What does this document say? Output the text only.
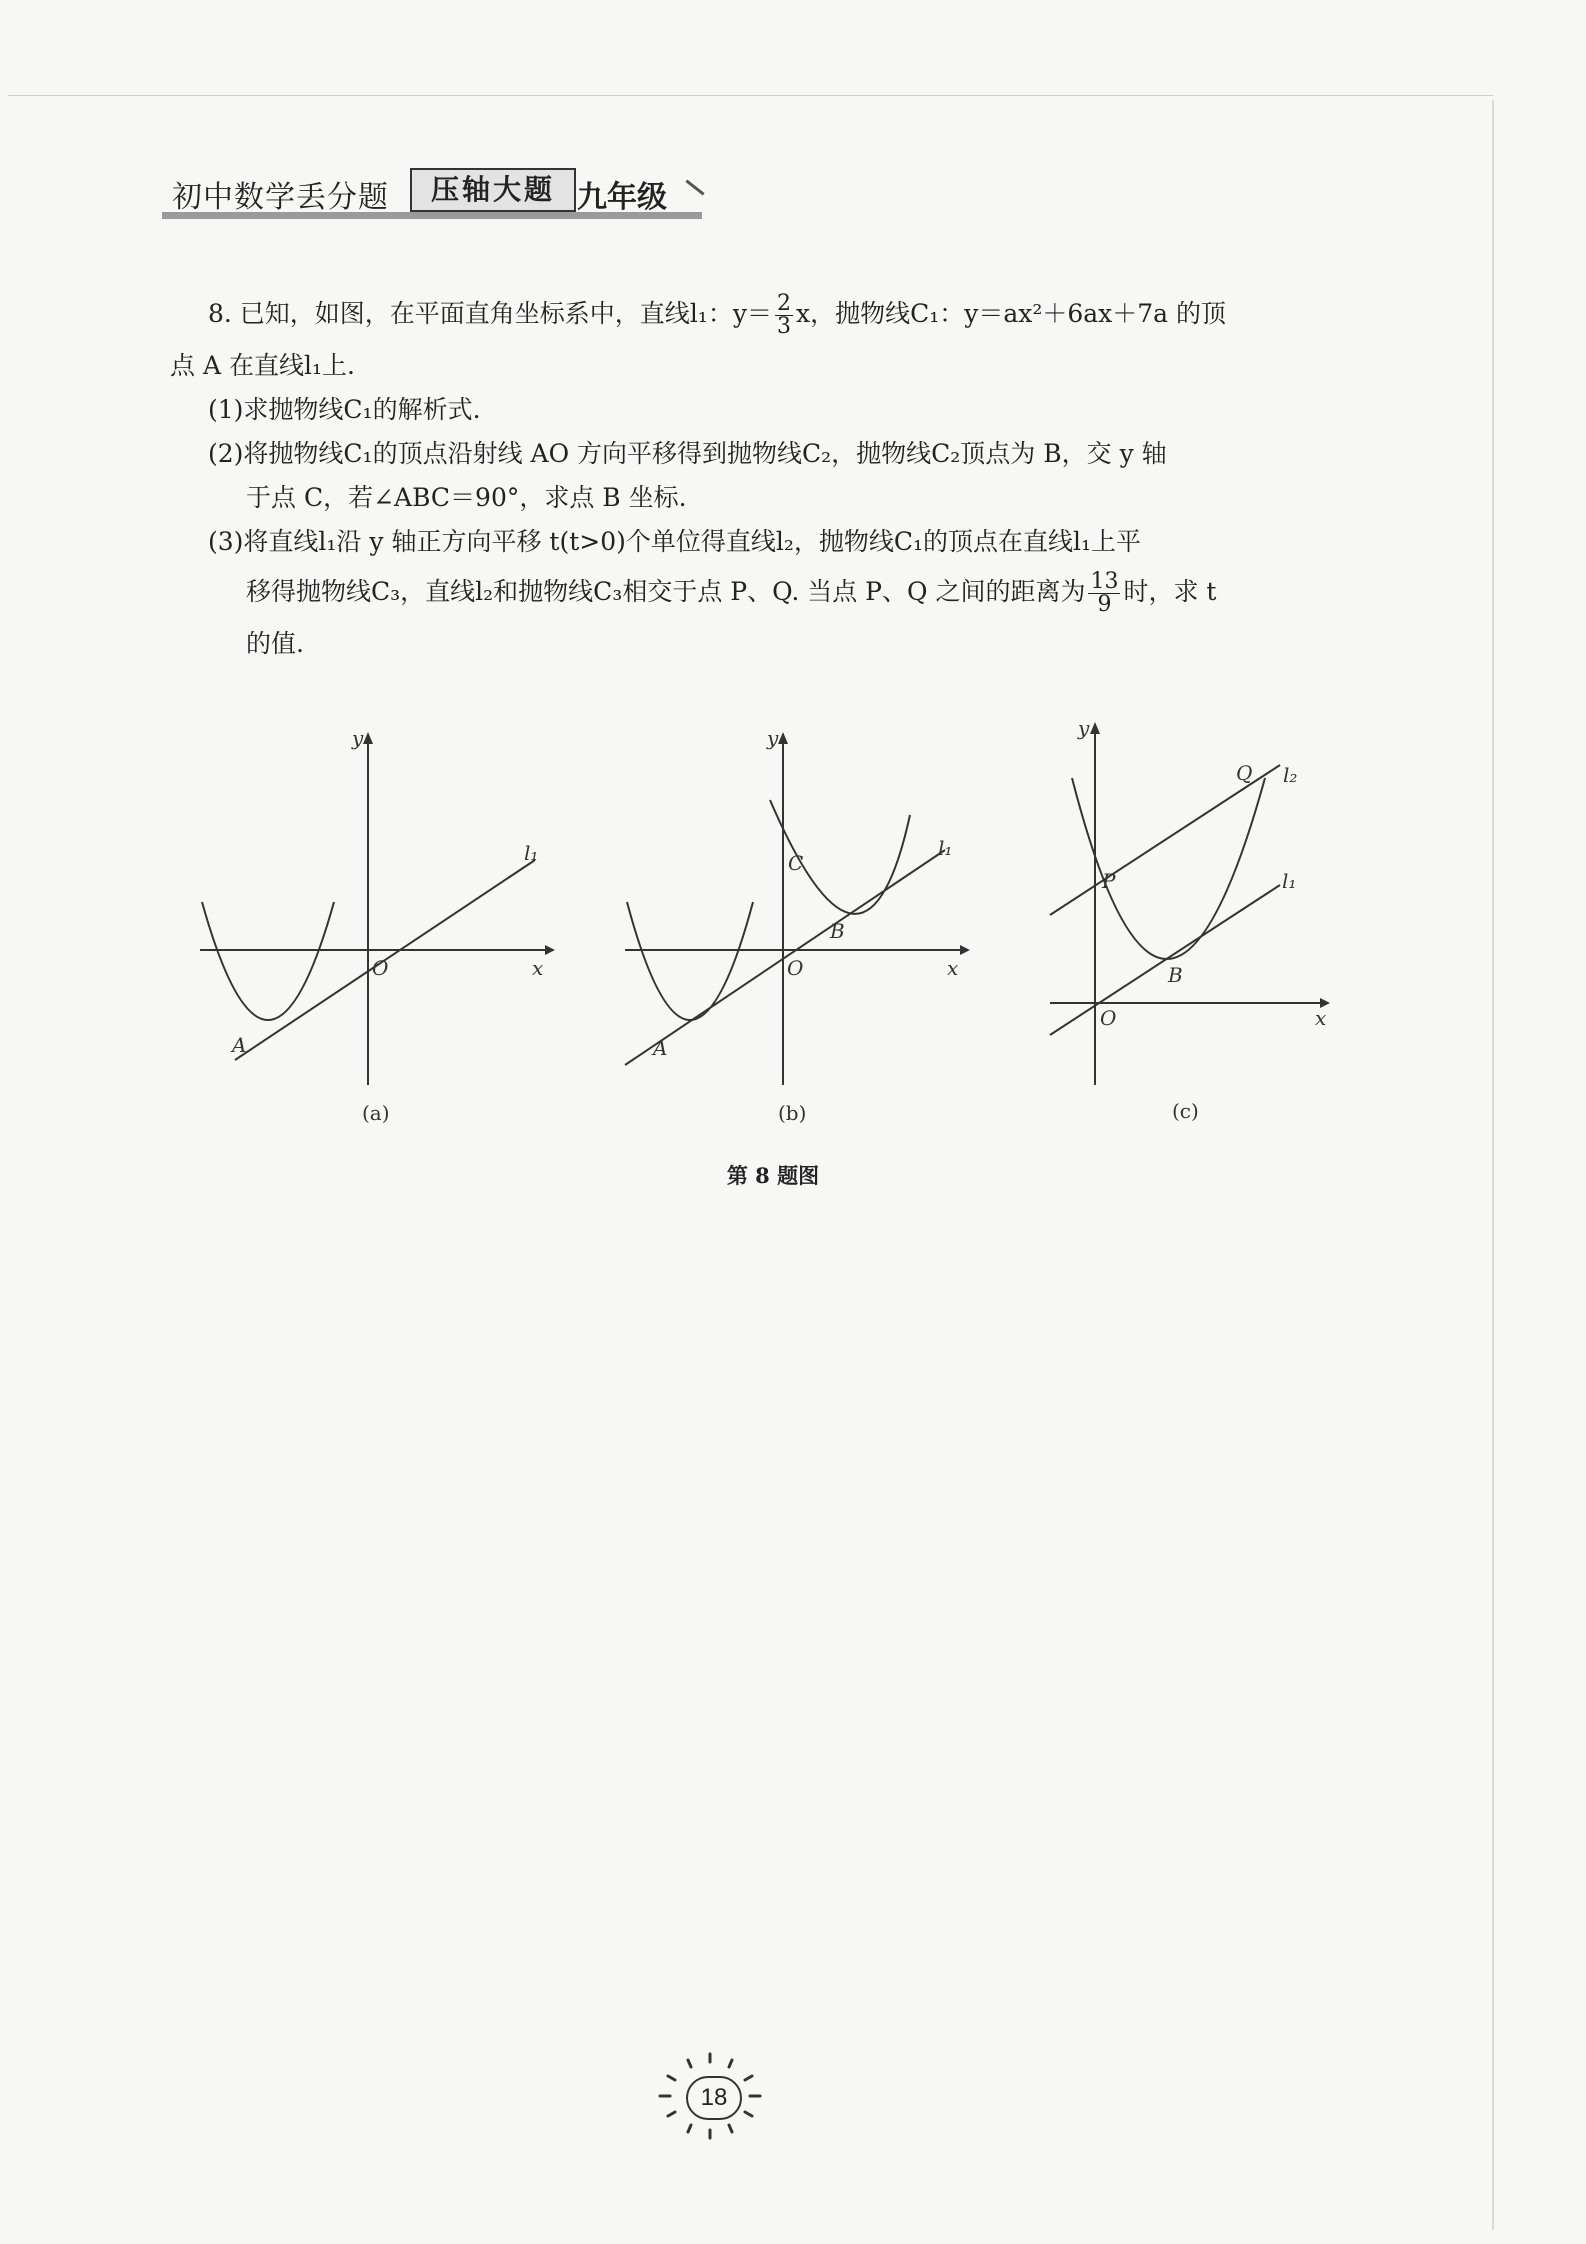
初中数学丢分题	压轴大题 九年级
8. 已知，如图，在平面直角坐标系中，直线l₁：$y= \frac{2}{3}$ x，抛物线C₁：y＝ax²＋6ax＋7a 的顶
点 A 在直线l₁上.
(1)求抛物线C₁的解析式.
(2)将抛物线C₁的顶点沿射线 AO 方向平移得到抛物线C₂，抛物线C₂顶点为 B，交 y 轴
于点 C，若∠ABC＝90°，求点 B 坐标.
(3)将直线l₁沿 y 轴正方向平移 t(t>0)个单位得直线l₂，抛物线C₁的顶点在直线l₁上平
移得抛物线C₃，直线l₂和抛物线C₃相交于点 P、Q. 当点 P、Q 之间的距离为 $\frac{13}{9}$ 时，求 t
的值.
y
x
O
l₁
A
(a)
y
x
O
l₁
A
B
C
(b)
y
x
O
l₁
l₂
Q
P
B
(c)
第 8 题图
18
